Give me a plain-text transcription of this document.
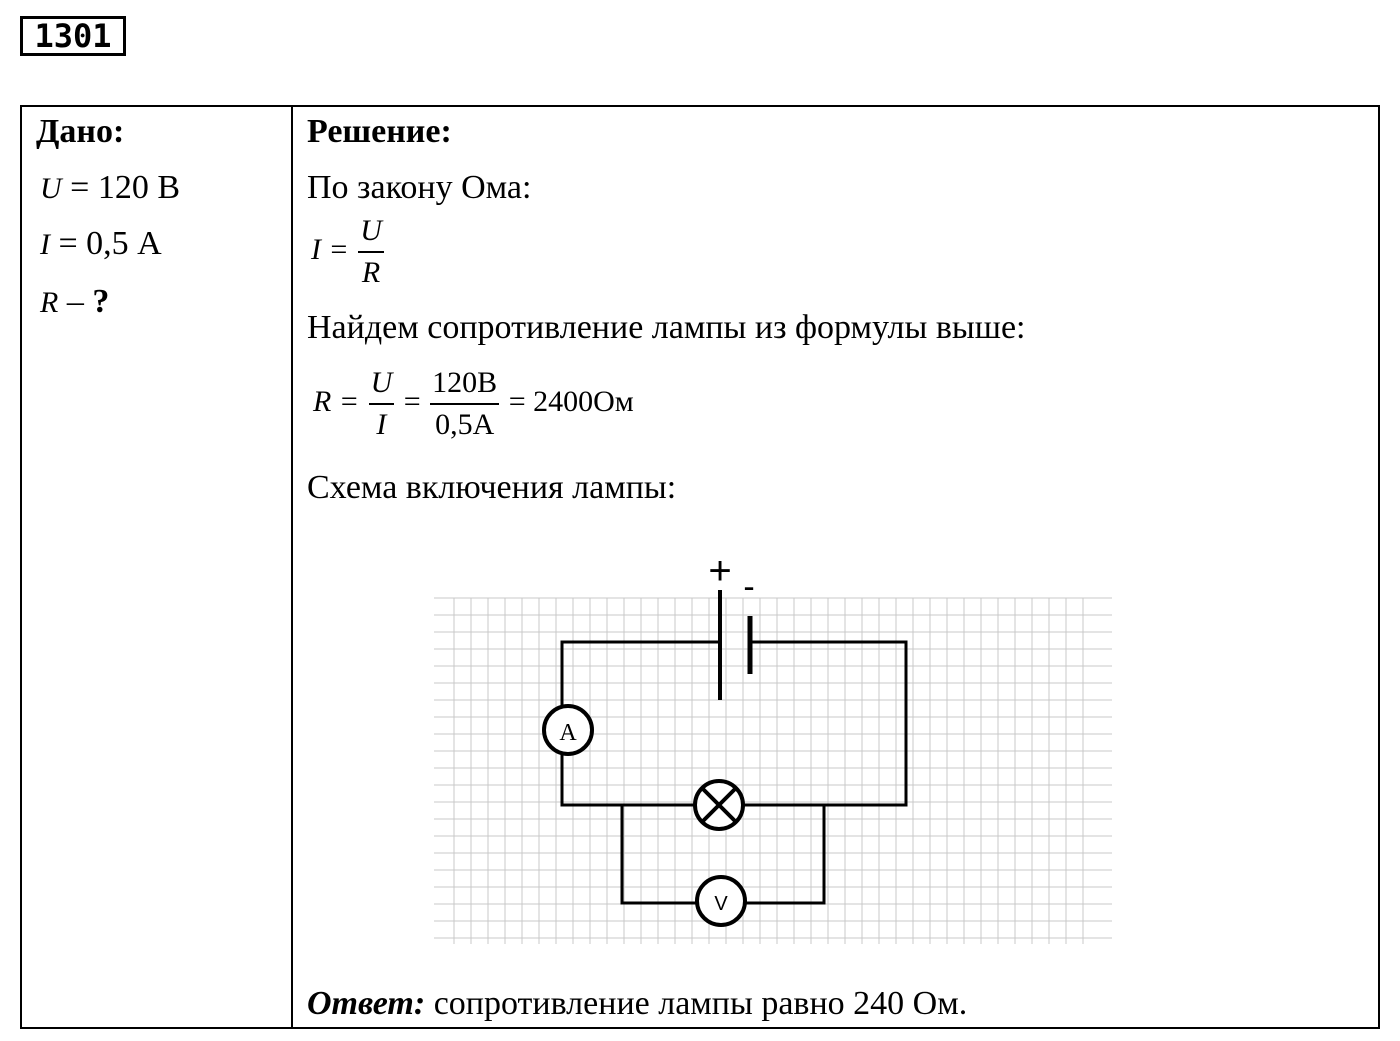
1301
Дано:
U = 120 В
I = 0,5 А
R – ?
Решение:
По закону Ома:
$I = \frac{U}{R}$
Найдем сопротивление лампы из формулы выше:
$R = \frac{U}{I} = \frac{120B}{0,5A} = 2400Ом$
Схема включения лампы:
Ответ: сопротивление лампы равно 240 Ом.
+ -
A
V
